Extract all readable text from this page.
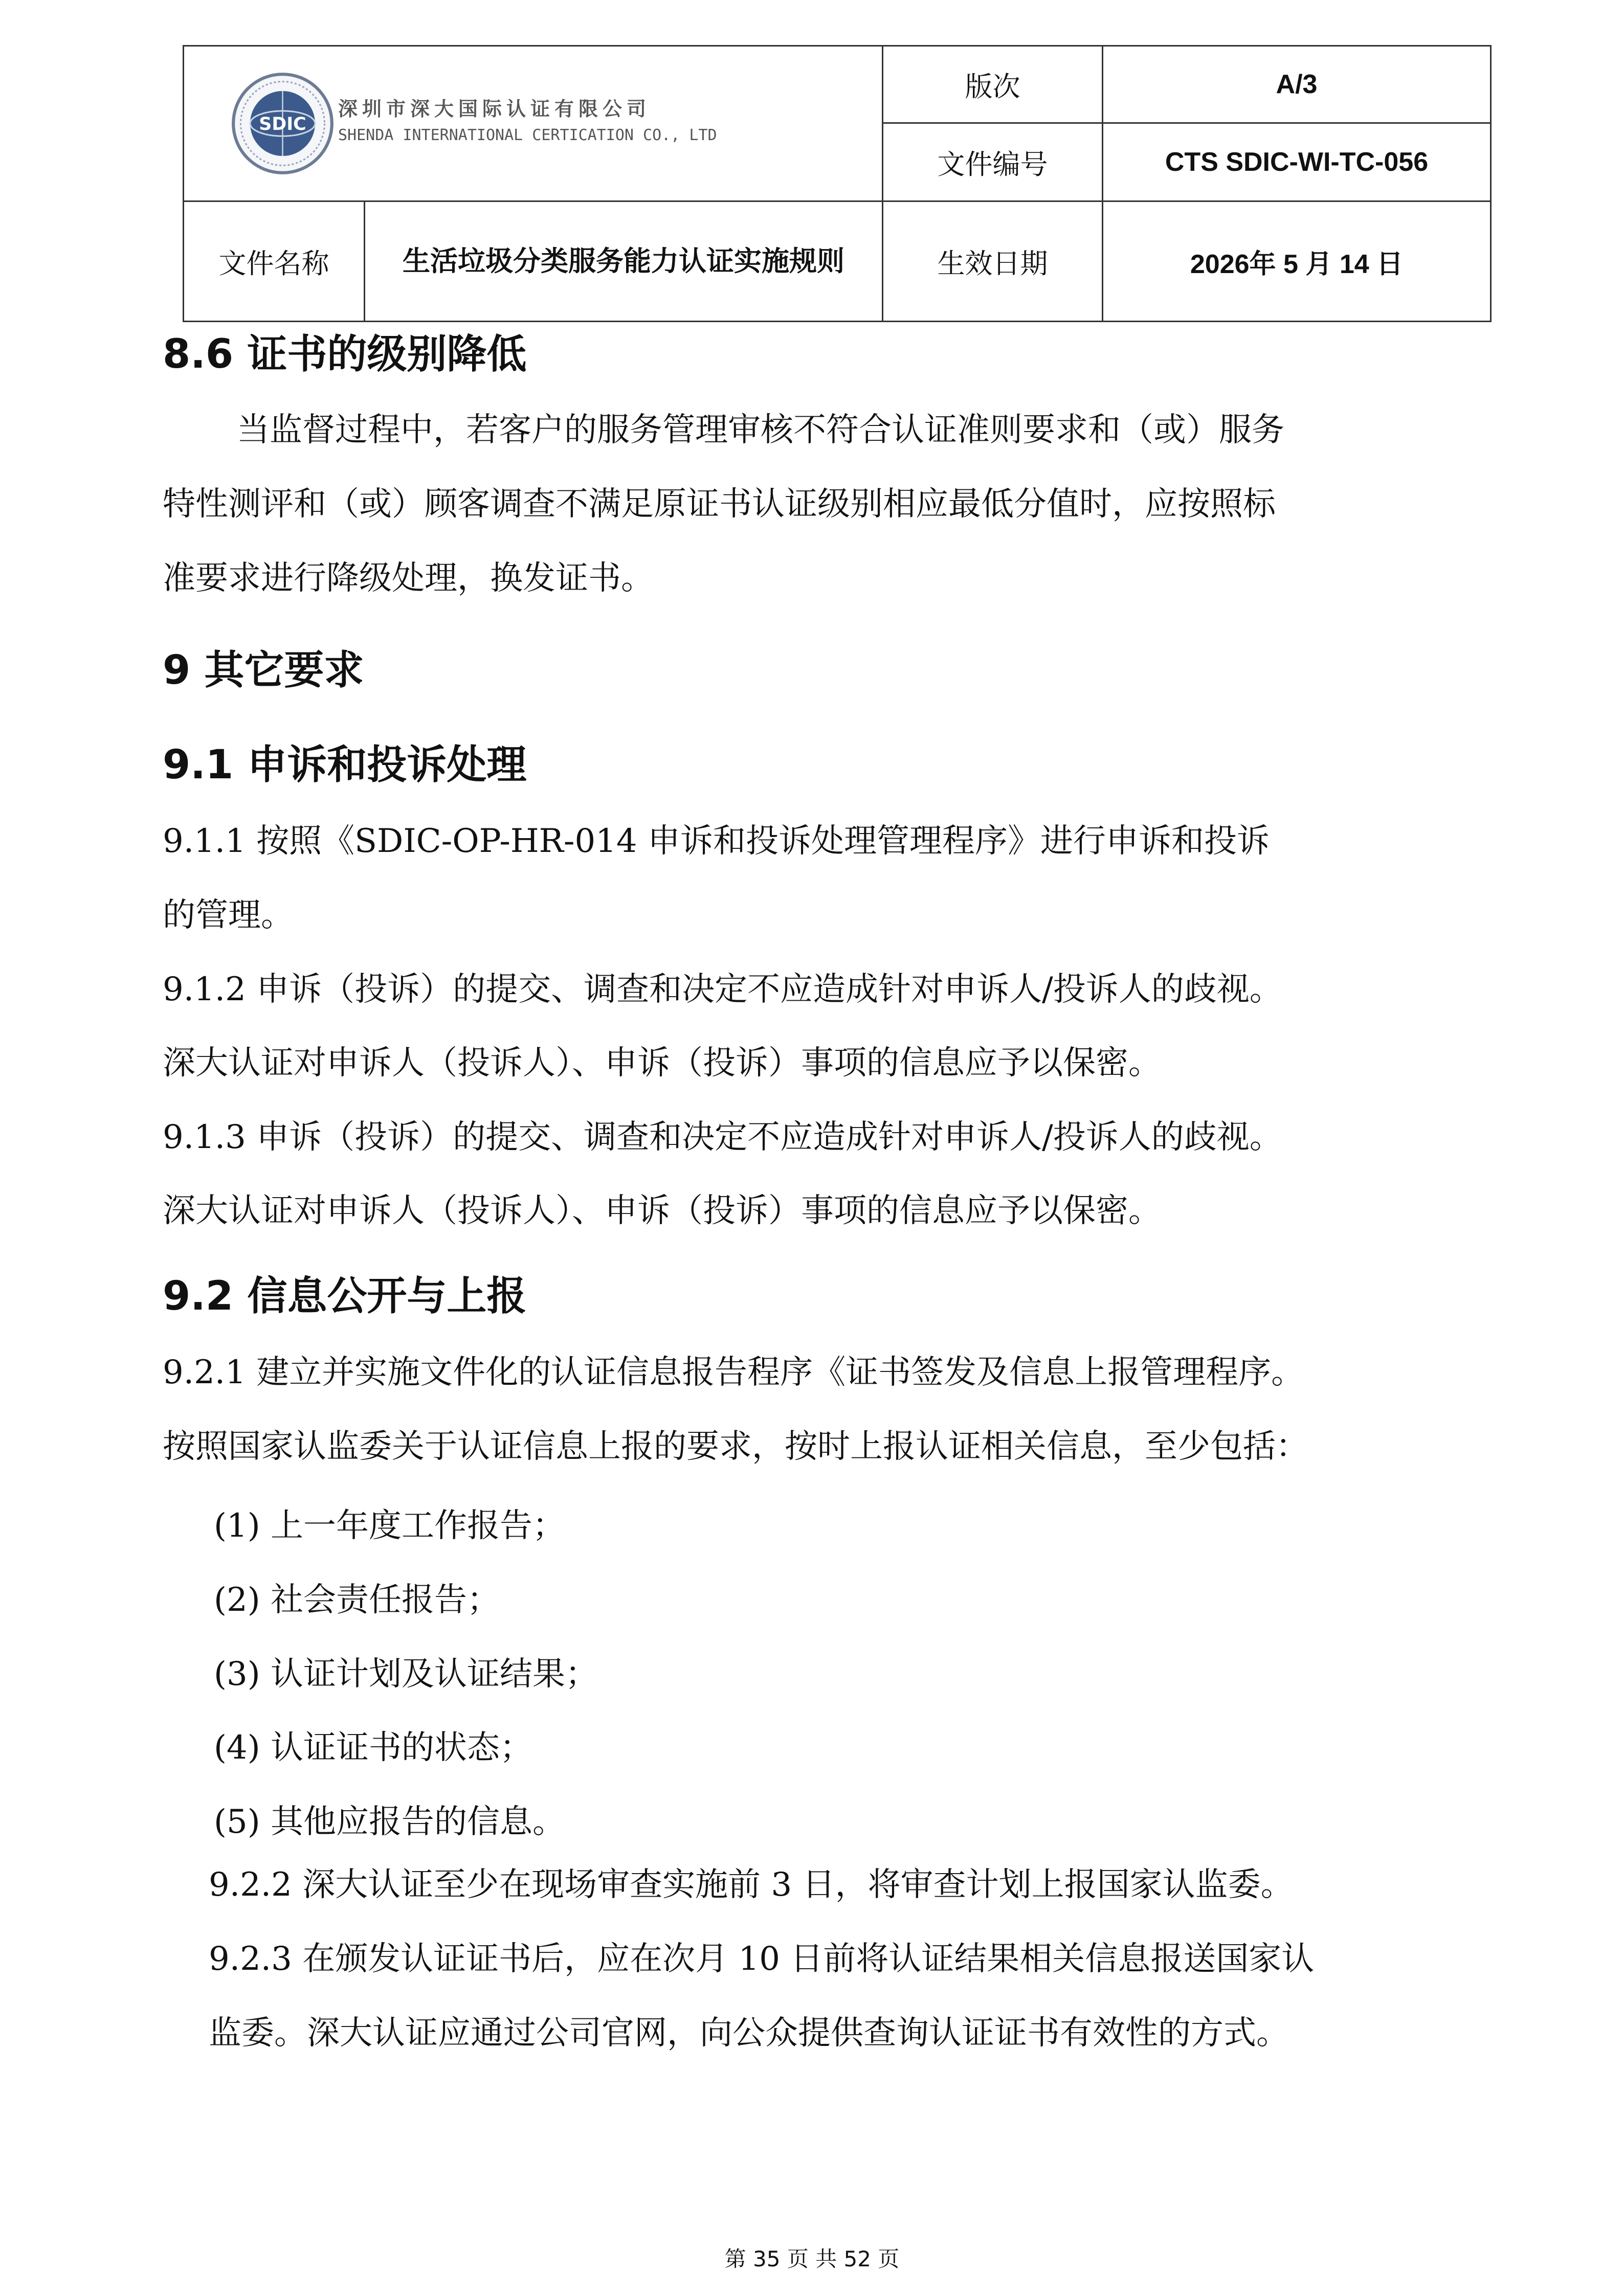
SDIC
深圳市深大国际认证有限公司
SHENDA INTERNATIONAL CERTICATION CO., LTD		版次	A/3
		文件编号	CTS SDIC-WI-TC-056
文件名称	生活垃圾分类服务能力认证实施规则	生效日期	2026年 5 月 14 日
8.6 证书的级别降低
当监督过程中，若客户的服务管理审核不符合认证准则要求和（或）服务
特性测评和（或）顾客调查不满足原证书认证级别相应最低分值时，应按照标
准要求进行降级处理，换发证书。
9 其它要求
9.1 申诉和投诉处理
9.1.1 按照《SDIC-OP-HR-014 申诉和投诉处理管理程序》进行申诉和投诉
的管理。
9.1.2 申诉（投诉）的提交、调查和决定不应造成针对申诉人/投诉人的歧视。
深大认证对申诉人（投诉人）、申诉（投诉）事项的信息应予以保密。
9.1.3 申诉（投诉）的提交、调查和决定不应造成针对申诉人/投诉人的歧视。
深大认证对申诉人（投诉人）、申诉（投诉）事项的信息应予以保密。
9.2 信息公开与上报
9.2.1 建立并实施文件化的认证信息报告程序《证书签发及信息上报管理程序。
按照国家认监委关于认证信息上报的要求，按时上报认证相关信息，至少包括：
(1) 上一年度工作报告；
(2) 社会责任报告；
(3) 认证计划及认证结果；
(4) 认证证书的状态；
(5) 其他应报告的信息。
9.2.2 深大认证至少在现场审查实施前 3 日，将审查计划上报国家认监委。
9.2.3 在颁发认证证书后，应在次月 10 日前将认证结果相关信息报送国家认
监委。深大认证应通过公司官网，向公众提供查询认证证书有效性的方式。
第 35 页 共 52 页
